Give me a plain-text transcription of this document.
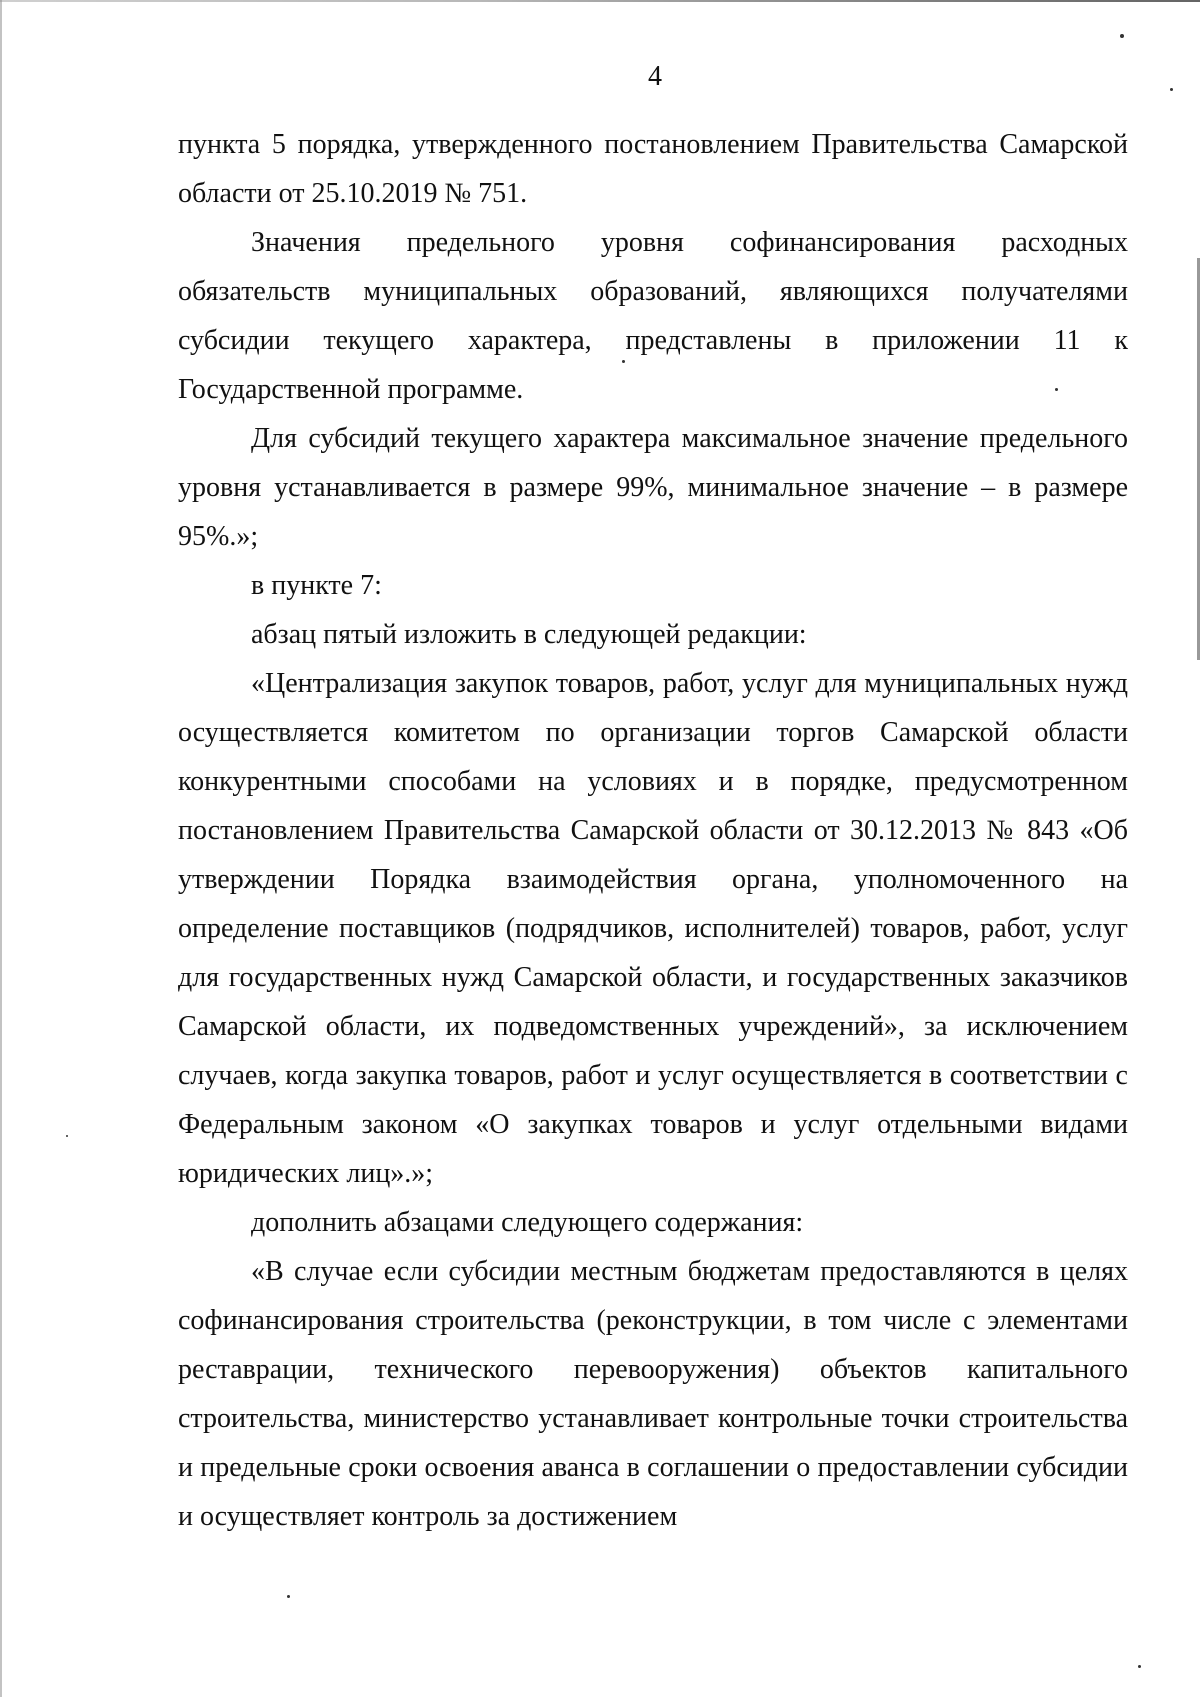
4

пункта 5 порядка, утвержденного постановлением Правительства Самарской области от 25.10.2019 № 751.

Значения предельного уровня софинансирования расходных обязательств муниципальных образований, являющихся получателями субсидии текущего характера, представлены в приложении 11 к Государственной программе.

Для субсидий текущего характера максимальное значение предельного уровня устанавливается в размере 99%, минимальное значение – в размере 95%.»;

в пункте 7:

абзац пятый изложить в следующей редакции:

«Централизация закупок товаров, работ, услуг для муниципальных нужд осуществляется комитетом по организации торгов Самарской области конкурентными способами на условиях и в порядке, предусмотренном постановлением Правительства Самарской области от 30.12.2013 № 843 «Об утверждении Порядка взаимодействия органа, уполномоченного на определение поставщиков (подрядчиков, исполнителей) товаров, работ, услуг для государственных нужд Самарской области, и государственных заказчиков Самарской области, их подведомственных учреждений», за исключением случаев, когда закупка товаров, работ и услуг осуществляется в соответствии с Федеральным законом «О закупках товаров и услуг отдельными видами юридических лиц».»;

дополнить абзацами следующего содержания:

«В случае если субсидии местным бюджетам предоставляются в целях софинансирования строительства (реконструкции, в том числе с элементами реставрации, технического перевооружения) объектов капитального строительства, министерство устанавливает контрольные точки строительства и предельные сроки освоения аванса в соглашении о предоставлении субсидии и осуществляет контроль за достижением
